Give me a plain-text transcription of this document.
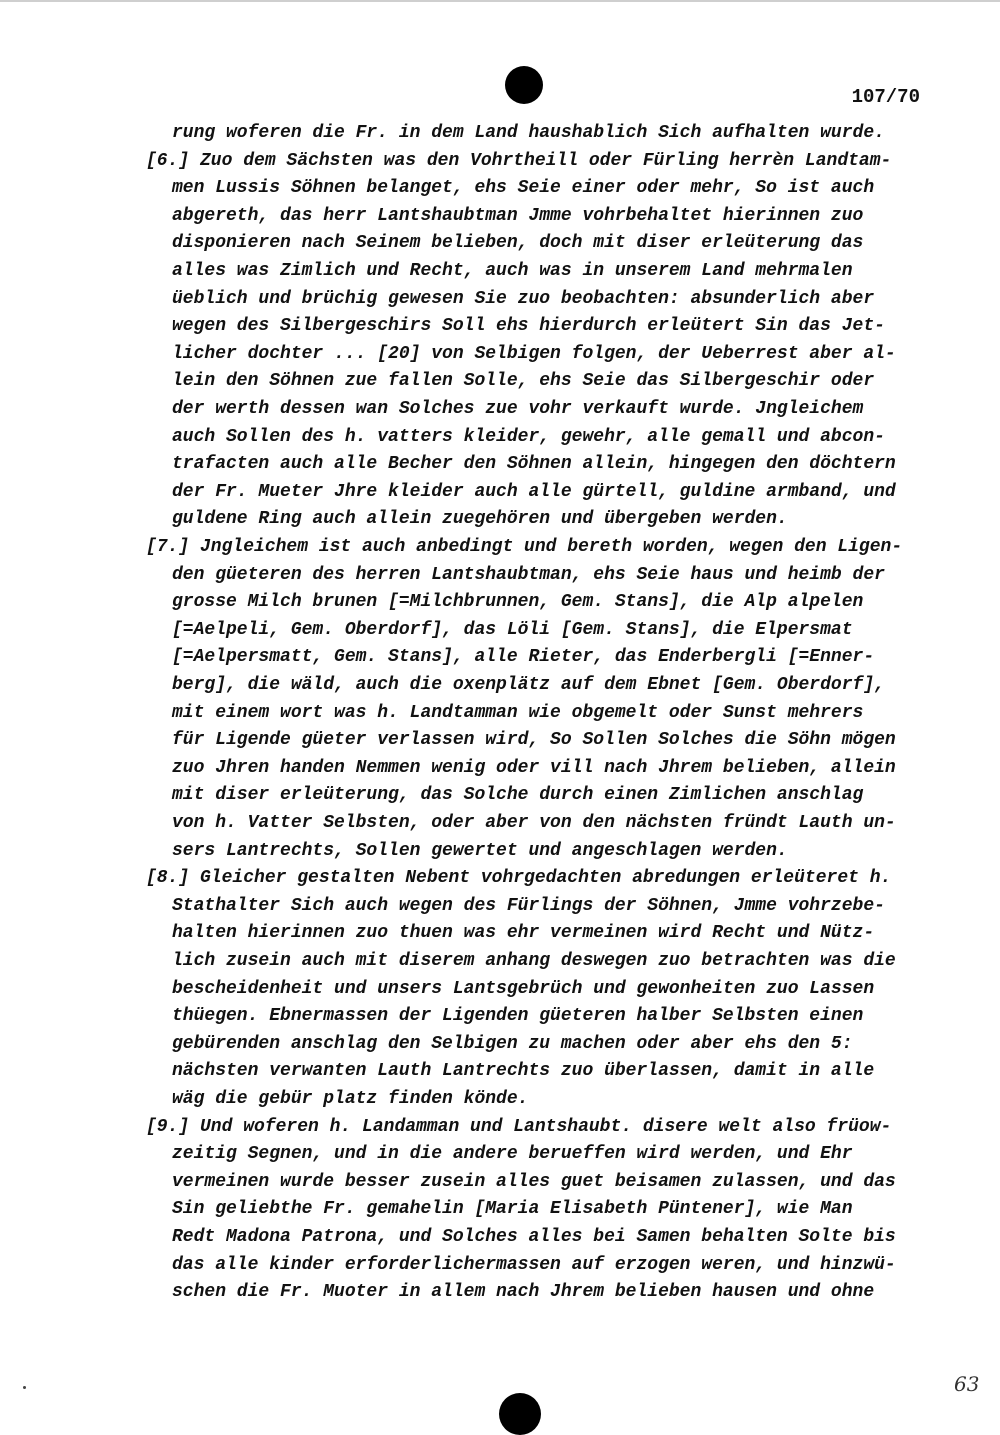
107/70
rung woferen die Fr. in dem Land haushablich Sich aufhalten wurde.
[6.] Zuo dem Sächsten was den Vohrtheill oder Fürling herrèn Landtam-
men Lussis Söhnen belanget, ehs Seie einer oder mehr, So ist auch
abgereth, das herr Lantshaubtman Jmme vohrbehaltet hierinnen zuo
disponieren nach Seinem belieben, doch mit diser erleüterung das
alles was Zimlich und Recht, auch was in unserem Land mehrmalen
üeblich und brüchig gewesen Sie zuo beobachten: absunderlich aber
wegen des Silbergeschirs Soll ehs hierdurch erleütert Sin das Jet-
licher dochter ... [20] von Selbigen folgen, der Ueberrest aber al-
lein den Söhnen zue fallen Solle, ehs Seie das Silbergeschir oder
der werth dessen wan Solches zue vohr verkauft wurde. Jngleichem
auch Sollen des h. vatters kleider, gewehr, alle gemall und abcon-
trafacten auch alle Becher den Söhnen allein, hingegen den döchtern
der Fr. Mueter Jhre kleider auch alle gürtell, guldine armband, und
guldene Ring auch allein zuegehören und übergeben werden.
[7.] Jngleichem ist auch anbedingt und bereth worden, wegen den Ligen-
den güeteren des herren Lantshaubtman, ehs Seie haus und heimb der
grosse Milch brunen [=Milchbrunnen, Gem. Stans], die Alp alpelen
[=Aelpeli, Gem. Oberdorf], das Löli [Gem. Stans], die Elpersmat
[=Aelpersmatt, Gem. Stans], alle Rieter, das Enderbergli [=Enner-
berg], die wäld, auch die oxenplätz auf dem Ebnet [Gem. Oberdorf],
mit einem wort was h. Landtamman wie obgemelt oder Sunst mehrers
für Ligende güeter verlassen wird, So Sollen Solches die Söhn mögen
zuo Jhren handen Nemmen wenig oder vill nach Jhrem belieben, allein
mit diser erleüterung, das Solche durch einen Zimlichen anschlag
von h. Vatter Selbsten, oder aber von den nächsten fründt Lauth un-
sers Lantrechts, Sollen gewertet und angeschlagen werden.
[8.] Gleicher gestalten Nebent vohrgedachten abredungen erleüteret h.
Stathalter Sich auch wegen des Fürlings der Söhnen, Jmme vohrzebe-
halten hierinnen zuo thuen was ehr vermeinen wird Recht und Nütz-
lich zusein auch mit diserem anhang deswegen zuo betrachten was die
bescheidenheit und unsers Lantsgebrüch und gewonheiten zuo Lassen
thüegen. Ebnermassen der Ligenden güeteren halber Selbsten einen
gebürenden anschlag den Selbigen zu machen oder aber ehs den 5:
nächsten verwanten Lauth Lantrechts zuo überlassen, damit in alle
wäg die gebür platz finden könde.
[9.] Und woferen h. Landamman und Lantshaubt. disere welt also früow-
zeitig Segnen, und in die andere berueffen wird werden, und Ehr
vermeinen wurde besser zusein alles guet beisamen zulassen, und das
Sin geliebthe Fr. gemahelin [Maria Elisabeth Püntener], wie Man
Redt Madona Patrona, und Solches alles bei Samen behalten Solte bis
das alle kinder erforderlichermassen auf erzogen weren, und hinzwü-
schen die Fr. Muoter in allem nach Jhrem belieben hausen und ohne
63
